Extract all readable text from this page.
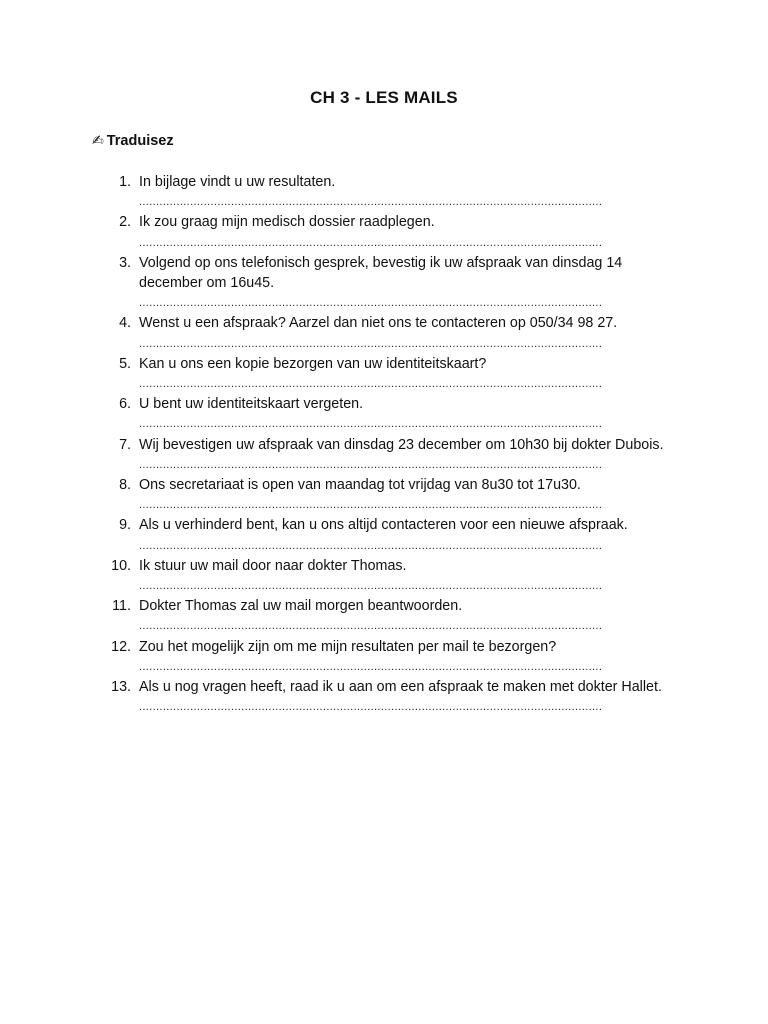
CH 3 - LES MAILS
✍ Traduisez
1. In bijlage vindt u uw resultaten.
........................................................................................................................................
2. Ik zou graag mijn medisch dossier raadplegen.
........................................................................................................................................
3. Volgend op ons telefonisch gesprek, bevestig ik uw afspraak van dinsdag 14 december om 16u45.
........................................................................................................................................
4. Wenst u een afspraak? Aarzel dan niet ons te contacteren op 050/34 98 27.
........................................................................................................................................
5. Kan u ons een kopie bezorgen van uw identiteitskaart?
........................................................................................................................................
6. U bent uw identiteitskaart vergeten.
........................................................................................................................................
7. Wij bevestigen uw afspraak van dinsdag 23 december om 10h30 bij dokter Dubois.
........................................................................................................................................
8. Ons secretariaat is open van maandag tot vrijdag van 8u30 tot 17u30.
........................................................................................................................................
9. Als u verhinderd bent, kan u ons altijd contacteren voor een nieuwe afspraak.
........................................................................................................................................
10. Ik stuur uw mail door naar dokter Thomas.
........................................................................................................................................
11. Dokter Thomas zal uw mail morgen beantwoorden.
........................................................................................................................................
12. Zou het mogelijk zijn om me mijn resultaten per mail te bezorgen?
........................................................................................................................................
13. Als u nog vragen heeft, raad ik u aan om een afspraak te maken met dokter Hallet.
........................................................................................................................................
